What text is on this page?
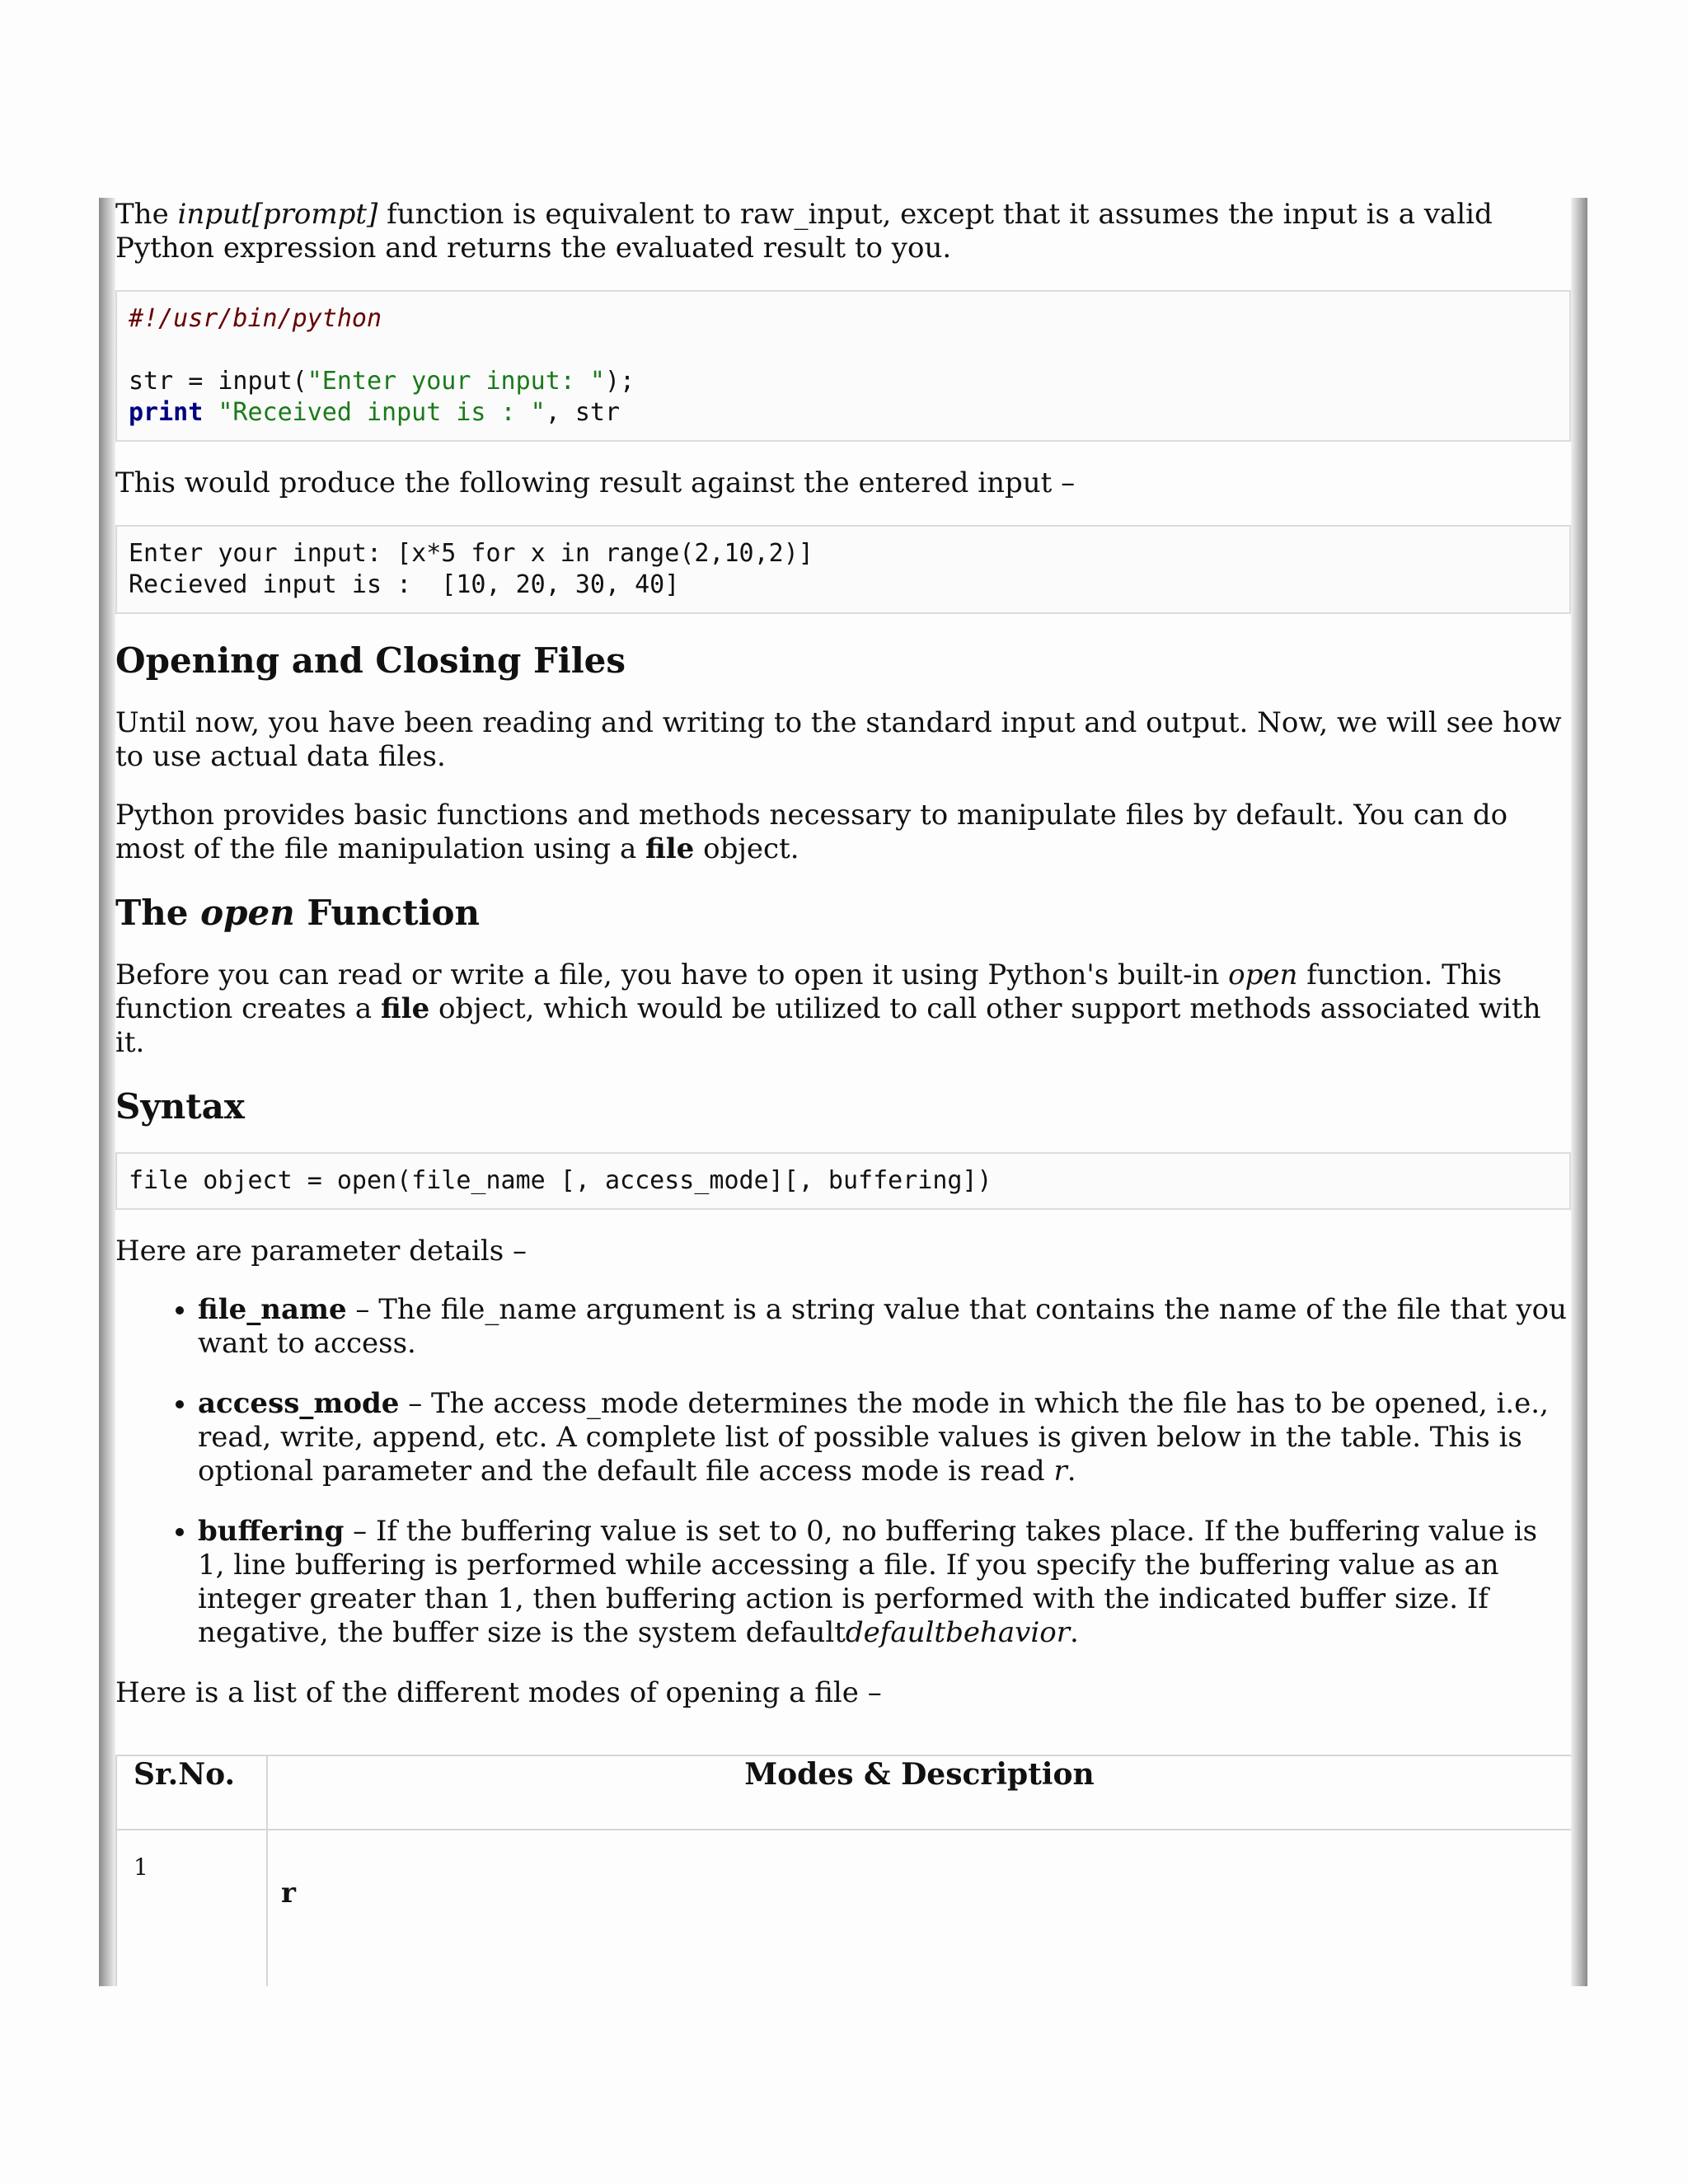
The input[prompt] function is equivalent to raw_input, except that it assumes the input is a valid Python expression and returns the evaluated result to you.

#!/usr/bin/python

str = input("Enter your input: ");
print "Received input is : ", str

This would produce the following result against the entered input –

Enter your input: [x*5 for x in range(2,10,2)]
Recieved input is :  [10, 20, 30, 40]
Opening and Closing Files

Until now, you have been reading and writing to the standard input and output. Now, we will see how to use actual data files.

Python provides basic functions and methods necessary to manipulate files by default. You can do most of the file manipulation using a file object.

The open Function

Before you can read or write a file, you have to open it using Python's built-in open function. This function creates a file object, which would be utilized to call other support methods associated with it.

Syntax
file object = open(file_name [, access_mode][, buffering])

Here are parameter details –

• file_name – The file_name argument is a string value that contains the name of the file that you want to access.
• access_mode – The access_mode determines the mode in which the file has to be opened, i.e., read, write, append, etc. A complete list of possible values is given below in the table. This is optional parameter and the default file access mode is read r.
• buffering – If the buffering value is set to 0, no buffering takes place. If the buffering value is 1, line buffering is performed while accessing a file. If you specify the buffering value as an integer greater than 1, then buffering action is performed with the indicated buffer size. If negative, the buffer size is the system defaultdefaultbehavior.

Here is a list of the different modes of opening a file –

Sr.No.	Modes & Description
1	r
